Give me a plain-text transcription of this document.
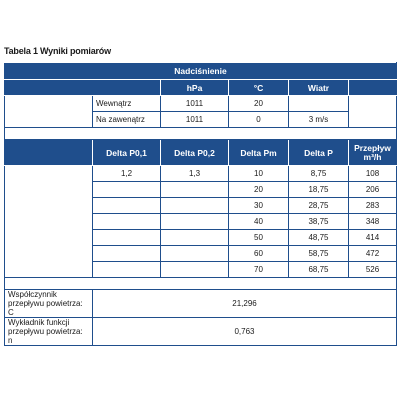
Tabela 1 Wyniki pomiarów
Nadciśnienie					
		hPa	°C	Wiatr	
	Wewnątrz	1011	20		
	Na zawenątrz	1011	0	3 m/s	

	Delta P0,1	Delta P0,2	Delta Pm	Delta P	Przepływ m³/h
	1,2	1,3	10	8,75	108
			20	18,75	206
			30	28,75	283
			40	38,75	348
			50	48,75	414
			60	58,75	472
			70	68,75	526

Współczynnik przepływu powietrza: C	21,296				
Wykładnik funkcji przepływu powietrza: n	0,763				
